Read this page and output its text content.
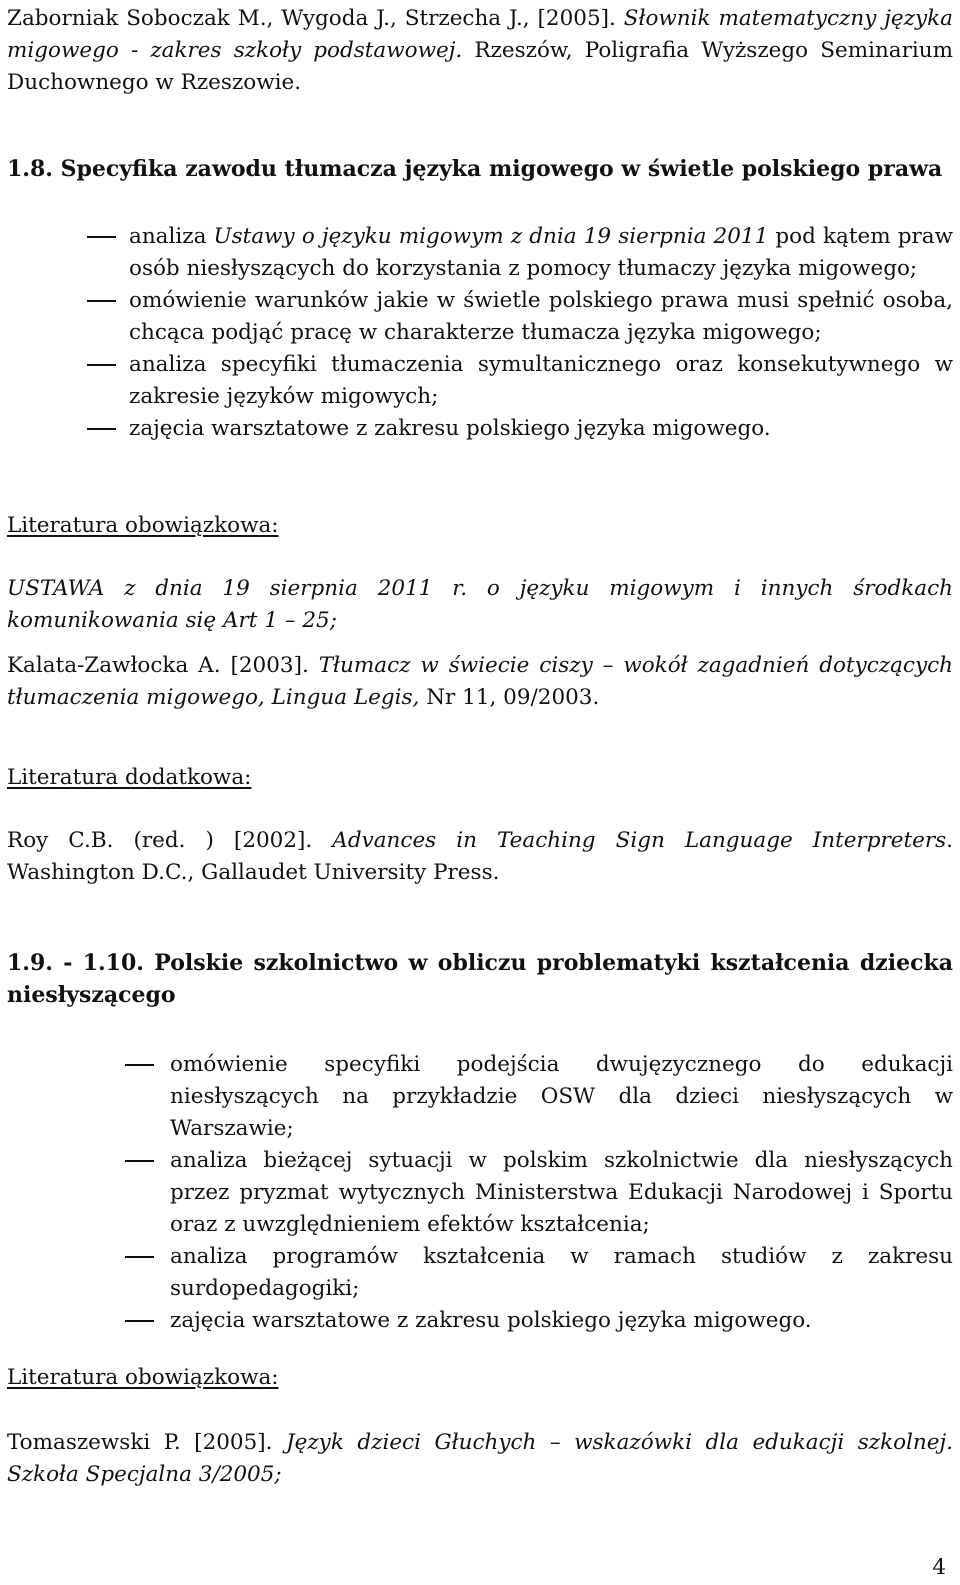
Zaborniak Soboczak M., Wygoda J., Strzecha J., [2005]. Słownik matematyczny języka migowego - zakres szkoły podstawowej. Rzeszów, Poligrafia Wyższego Seminarium Duchownego w Rzeszowie.

1.8. Specyfika zawodu tłumacza języka migowego w świetle polskiego prawa
analiza Ustawy o języku migowym z dnia 19 sierpnia 2011 pod kątem praw osób niesłyszących do korzystania z pomocy tłumaczy języka migowego;
omówienie warunków jakie w świetle polskiego prawa musi spełnić osoba, chcąca podjąć pracę w charakterze tłumacza języka migowego;
analiza specyfiki tłumaczenia symultanicznego oraz konsekutywnego w zakresie języków migowych;
zajęcia warsztatowe z zakresu polskiego języka migowego.
Literatura obowiązkowa:

USTAWA z dnia 19 sierpnia 2011 r. o języku migowym i innych środkach komunikowania się Art 1 – 25;

Kalata-Zawłocka A. [2003]. Tłumacz w świecie ciszy – wokół zagadnień dotyczących tłumaczenia migowego, Lingua Legis, Nr 11, 09/2003.

Literatura dodatkowa:

Roy C.B. (red. ) [2002]. Advances in Teaching Sign Language Interpreters. Washington D.C., Gallaudet University Press.

1.9. - 1.10. Polskie szkolnictwo w obliczu problematyki kształcenia dziecka niesłyszącego
omówienie specyfiki podejścia dwujęzycznego do edukacji niesłyszących na przykładzie OSW dla dzieci niesłyszących w Warszawie;
analiza bieżącej sytuacji w polskim szkolnictwie dla niesłyszących przez pryzmat wytycznych Ministerstwa Edukacji Narodowej i Sportu oraz z uwzględnieniem efektów kształcenia;
analiza programów kształcenia w ramach studiów z zakresu surdopedagogiki;
zajęcia warsztatowe z zakresu polskiego języka migowego.
Literatura obowiązkowa:

Tomaszewski P. [2005]. Język dzieci Głuchych – wskazówki dla edukacji szkolnej. Szkoła Specjalna 3/2005;

4
